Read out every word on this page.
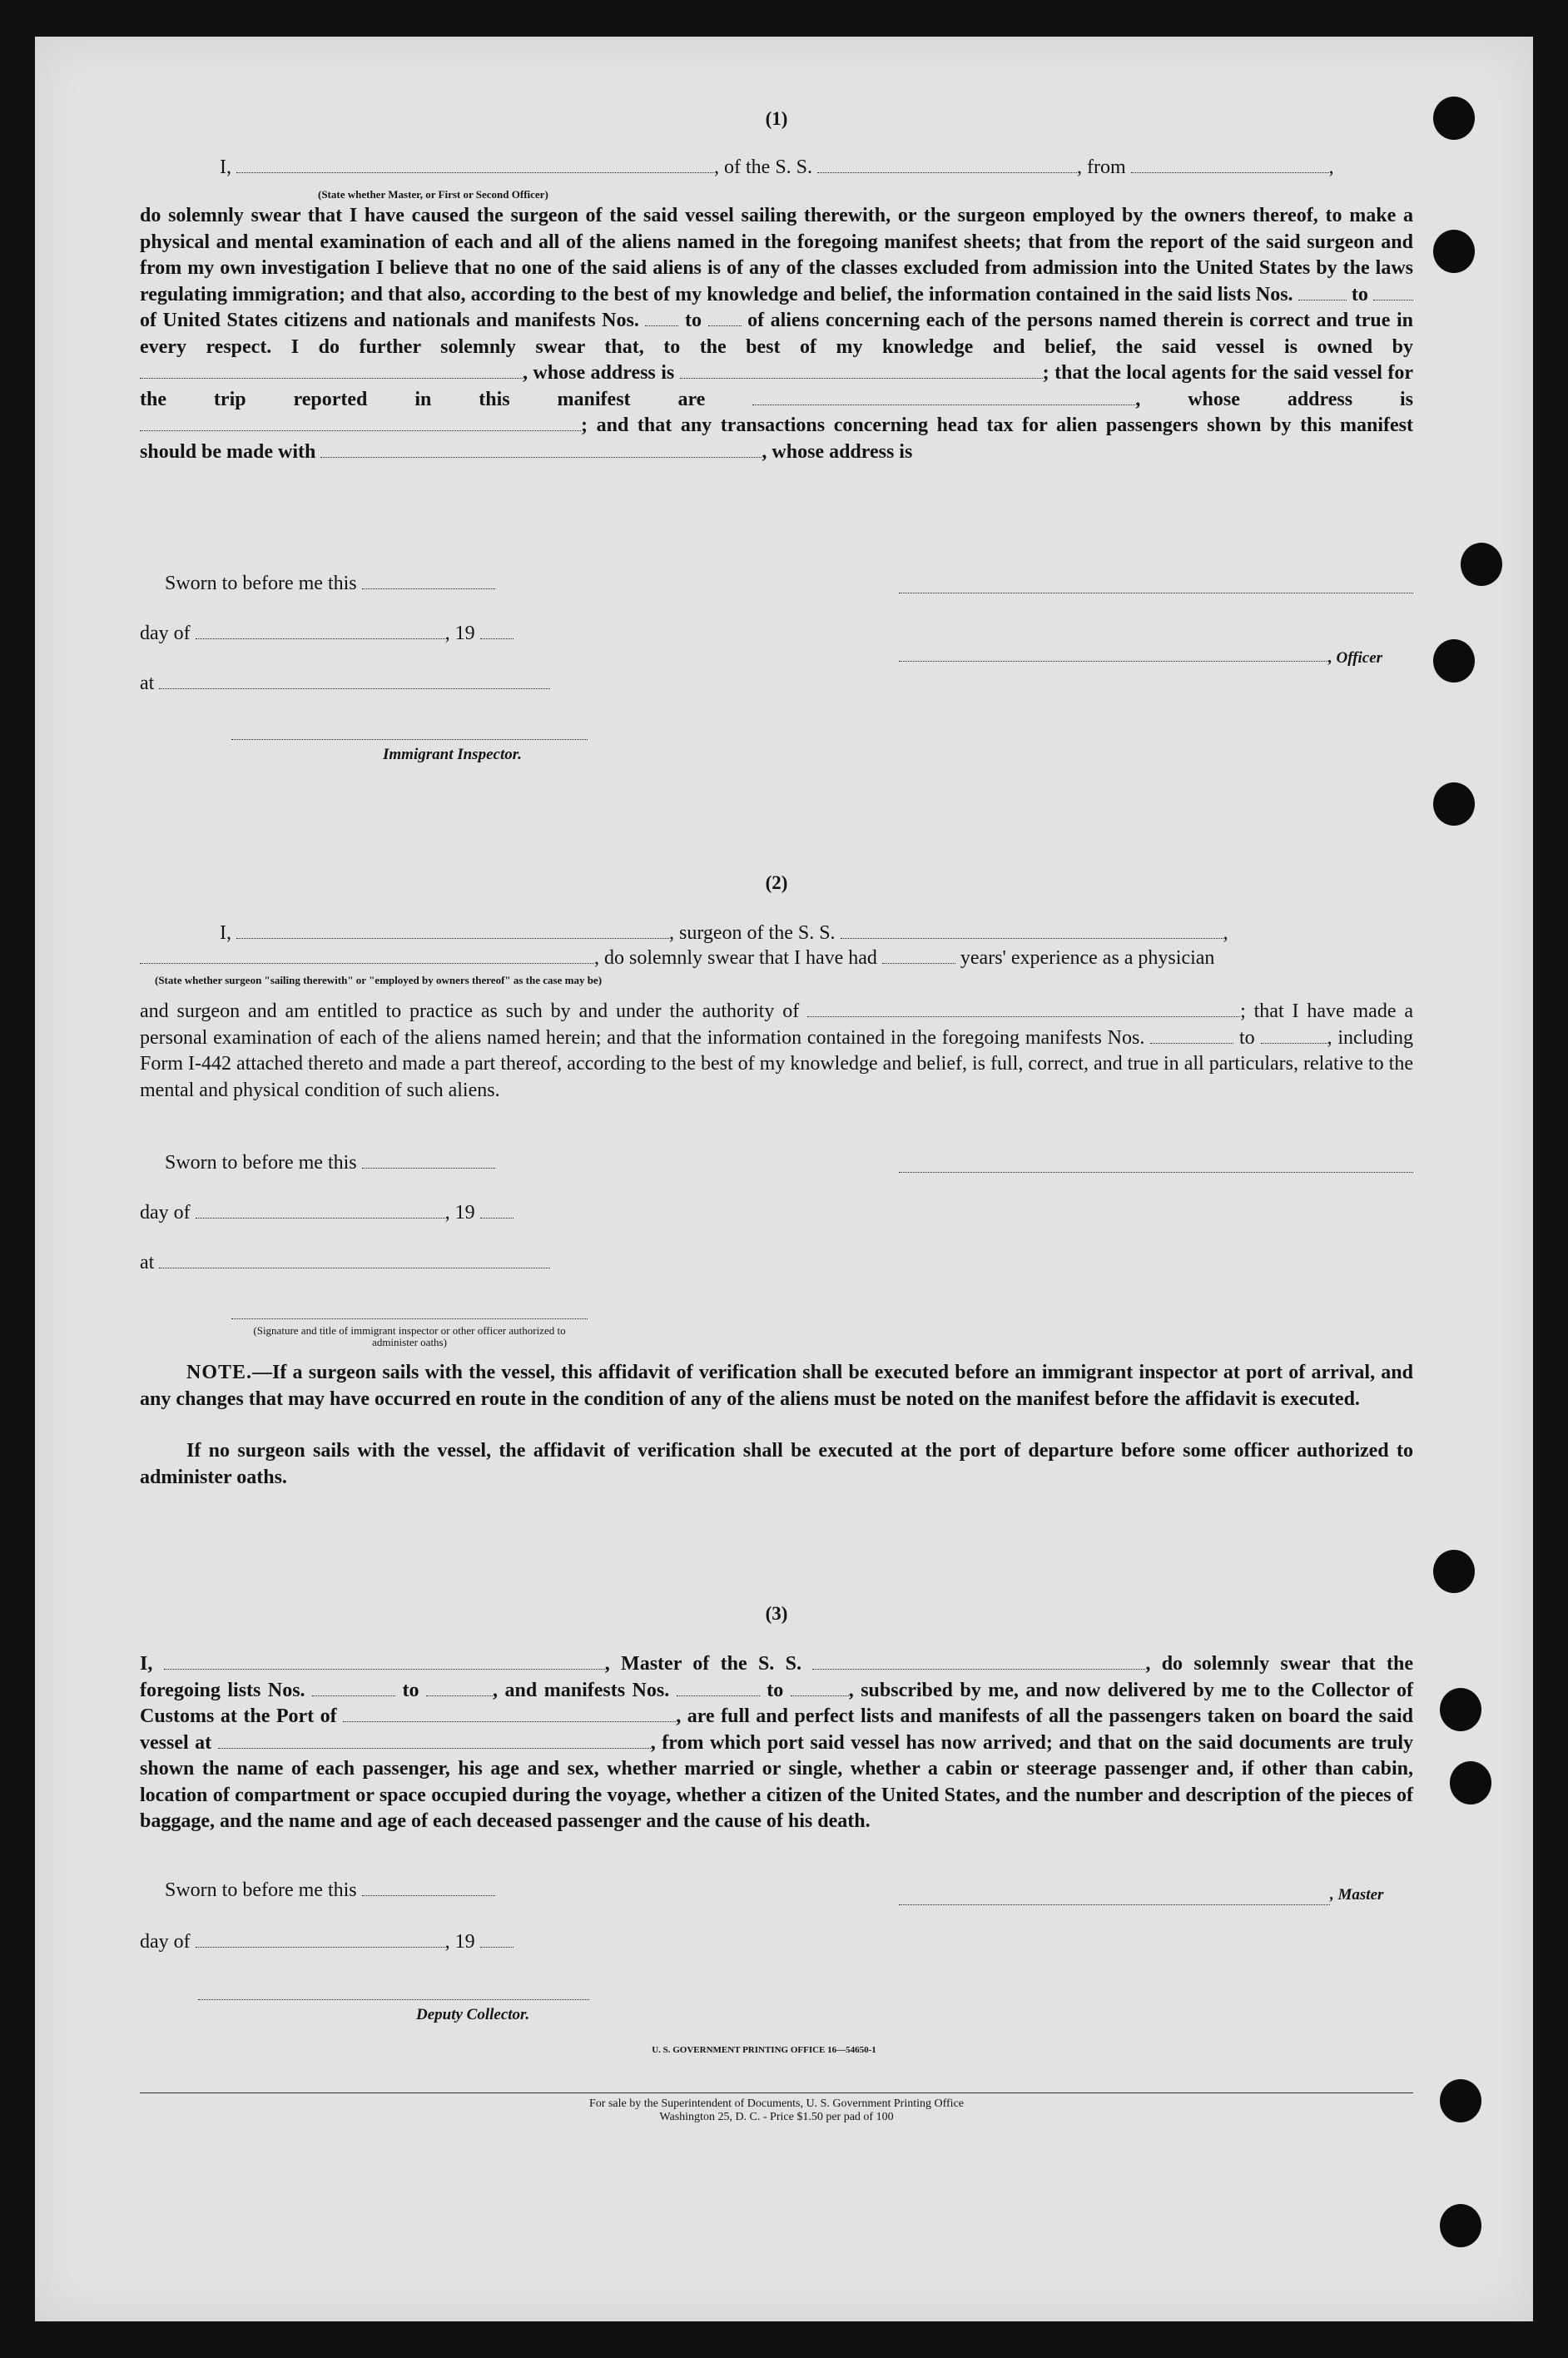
(1)
I,	, of the S. S.	, from	,
(State whether Master, or First or Second Officer)
do solemnly swear that I have caused the surgeon of the said vessel sailing therewith, or the surgeon employed by the owners thereof, to make a physical and mental examination of each and all of the aliens named in the foregoing manifest sheets; that from the report of the said surgeon and from my own investigation I believe that no one of the said aliens is of any of the classes excluded from admission into the United States by the laws regulating immigration; and that also, according to the best of my knowledge and belief, the information contained in the said lists Nos.	to  of United States citizens and nationals and manifests Nos. to of aliens concerning each of the persons named therein is correct and true in every respect. I do further solemnly swear that, to the best of my knowledge and belief, the said vessel is owned by , whose address is	; that the local agents for the said vessel for the trip reported in this manifest are	, whose address is ; and that any transactions concerning head tax for alien passengers shown by this manifest should be made with	, whose address is
Sworn to before me this
day of	, 19
at
Immigrant Inspector.
, Officer
(2)
I,	, surgeon of the S. S.	,
, do solemnly swear that I have had	years' experience as a physician
(State whether surgeon "sailing therewith" or "employed by owners thereof" as the case may be)
and surgeon and am entitled to practice as such by and under the authority of	; that I have made a personal examination of each of the aliens named herein; and that the information contained in the foregoing manifests Nos.	to	, including Form I-442 attached thereto and made a part thereof, according to the best of my knowledge and belief, is full, correct, and true in all particulars, relative to the mental and physical condition of such aliens.
Sworn to before me this
day of	, 19
at
(Signature and title of immigrant inspector or other officer authorized to administer oaths)
NOTE.—If a surgeon sails with the vessel, this affidavit of verification shall be executed before an immigrant inspector at port of arrival, and any changes that may have occurred en route in the condition of any of the aliens must be noted on the manifest before the affidavit is executed.
If no surgeon sails with the vessel, the affidavit of verification shall be executed at the port of departure before some officer authorized to administer oaths.
(3)
I,	, Master of the S. S.	, do solemnly swear that the foregoing lists Nos.	to	, and manifests Nos.	to	, subscribed by me, and now delivered by me to the Collector of Customs at the Port of	, are full and perfect lists and manifests of all the passengers taken on board the said vessel at	, from which port said vessel has now arrived; and that on the said documents are truly shown the name of each passenger, his age and sex, whether married or single, whether a cabin or steerage passenger and, if other than cabin, location of compartment or space occupied during the voyage, whether a citizen of the United States, and the number and description of the pieces of baggage, and the name and age of each deceased passenger and the cause of his death.
Sworn to before me this	, Master
day of	, 19
Deputy Collector.
U. S. GOVERNMENT PRINTING OFFICE 16—54650-1
For sale by the Superintendent of Documents, U. S. Government Printing Office
Washington 25, D. C. - Price $1.50 per pad of 100
